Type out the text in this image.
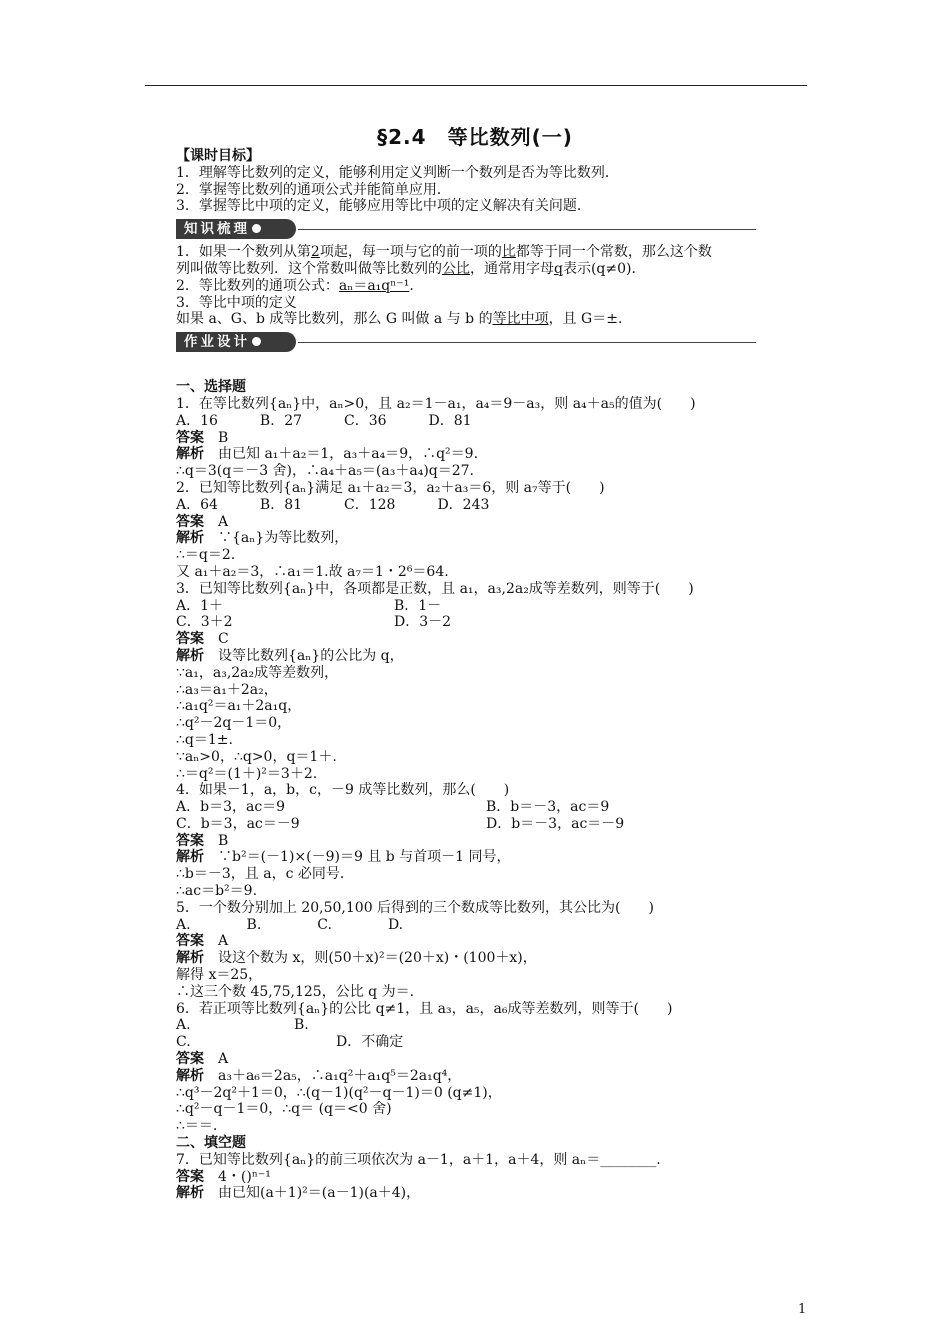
§2.4　等比数列(一)
【课时目标】
1．理解等比数列的定义，能够利用定义判断一个数列是否为等比数列．
2．掌握等比数列的通项公式并能简单应用．
3．掌握等比中项的定义，能够应用等比中项的定义解决有关问题．
知识梳理
1．如果一个数列从第2项起，每一项与它的前一项的比都等于同一个常数，那么这个数
列叫做等比数列．这个常数叫做等比数列的公比，通常用字母q表示(q≠0)．
2．等比数列的通项公式：aₙ＝a₁qⁿ⁻¹.
3．等比中项的定义
如果 a、G、b 成等比数列，那么 G 叫做 a 与 b 的等比中项，且 G＝±.
作业设计
一、选择题
1．在等比数列{aₙ}中，aₙ>0，且 a₂＝1－a₁，a₄＝9－a₃，则 a₄＋a₅的值为(　　)
A．16　　　B．27　　　C．36　　　D．81
答案　B
解析　由已知 a₁＋a₂＝1，a₃＋a₄＝9，∴q²＝9.
∴q＝3(q＝－3 舍)，∴a₄＋a₅＝(a₃＋a₄)q＝27.
2．已知等比数列{aₙ}满足 a₁＋a₂＝3，a₂＋a₃＝6，则 a₇等于(　　)
A．64　　　B．81　　　C．128　　　D．243
答案　A
解析　∵{aₙ}为等比数列，
∴＝q＝2.
又 a₁＋a₂＝3，∴a₁＝1.故 a₇＝1・2⁶＝64.
3．已知等比数列{aₙ}中，各项都是正数，且 a₁，a₃,2a₂成等差数列，则等于(　　)
A．1＋	B．1－
C．3＋2	D．3－2
答案　C
解析　设等比数列{aₙ}的公比为 q，
∵a₁，a₃,2a₂成等差数列，
∴a₃＝a₁＋2a₂，
∴a₁q²＝a₁＋2a₁q，
∴q²－2q－1＝0，
∴q＝1±.
∵aₙ>0，∴q>0，q＝1＋.
∴＝q²＝(1＋)²＝3＋2.
4．如果－1，a，b，c，－9 成等比数列，那么(　　)
A．b＝3，ac＝9	B．b＝－3，ac＝9
C．b＝3，ac＝－9	D．b＝－3，ac＝－9
答案　B
解析　∵b²＝(－1)×(－9)＝9 且 b 与首项－1 同号，
∴b＝－3，且 a，c 必同号．
∴ac＝b²＝9.
5．一个数分别加上 20,50,100 后得到的三个数成等比数列，其公比为(　　)
A.　　　　B.　　　　C.　　　　D.
答案　A
解析　设这个数为 x，则(50＋x)²＝(20＋x)・(100＋x)，
解得 x＝25，
∴这三个数 45,75,125，公比 q 为＝.
6．若正项等比数列{aₙ}的公比 q≠1，且 a₃，a₅，a₆成等差数列，则等于(　　)
A.	B.
C.	D．不确定
答案　A
解析　a₃＋a₆＝2a₅，∴a₁q²＋a₁q⁵＝2a₁q⁴，
∴q³－2q²＋1＝0，∴(q－1)(q²－q－1)＝0 (q≠1)，
∴q²－q－1＝0，∴q＝ (q＝<0 舍)
∴＝＝.
二、填空题
7．已知等比数列{aₙ}的前三项依次为 a－1，a＋1，a＋4，则 aₙ＝________.
答案　4・()ⁿ⁻¹
解析　由已知(a＋1)²＝(a－1)(a＋4)，
1
